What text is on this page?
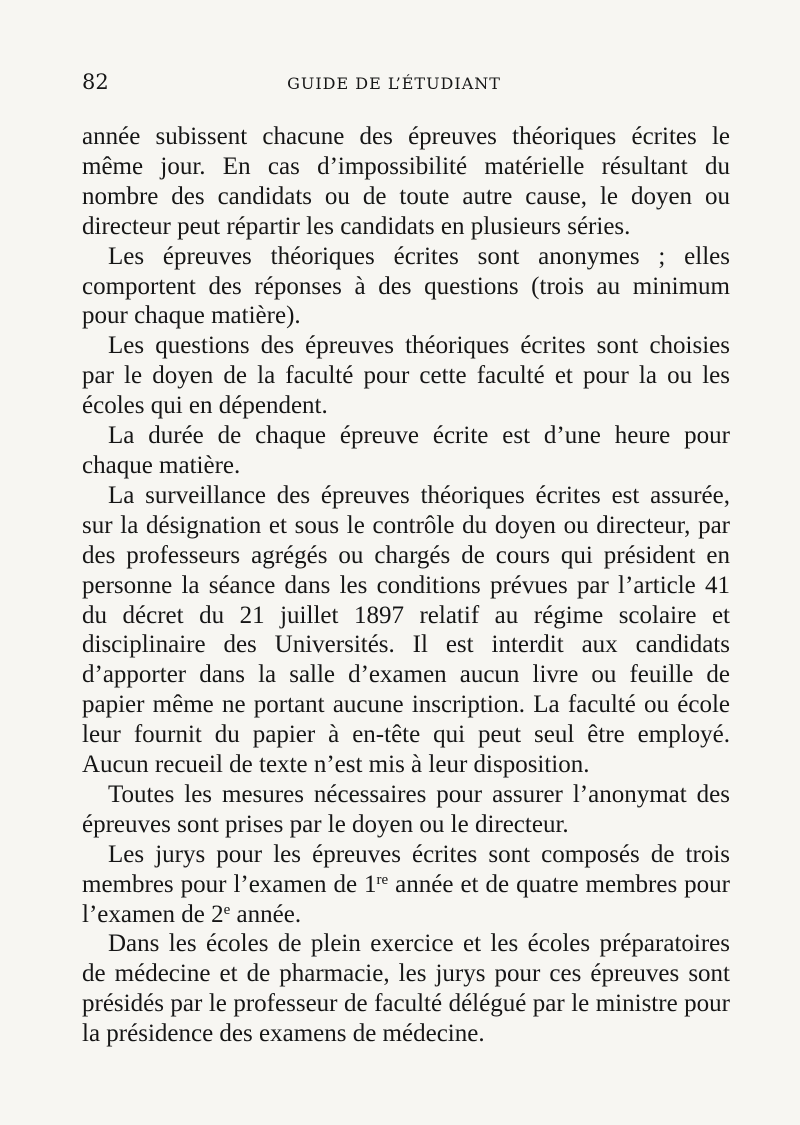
82	GUIDE DE L’ÉTUDIANT

année subissent chacune des épreuves théoriques écrites le même jour. En cas d’impossibilité matérielle résultant du nombre des candidats ou de toute autre cause, le doyen ou directeur peut répartir les candidats en plusieurs séries.

Les épreuves théoriques écrites sont anonymes ; elles comportent des réponses à des questions (trois au minimum pour chaque matière).

Les questions des épreuves théoriques écrites sont choisies par le doyen de la faculté pour cette faculté et pour la ou les écoles qui en dépendent.

La durée de chaque épreuve écrite est d’une heure pour chaque matière.

La surveillance des épreuves théoriques écrites est assurée, sur la désignation et sous le contrôle du doyen ou directeur, par des professeurs agrégés ou chargés de cours qui président en personne la séance dans les conditions prévues par l’article 41 du décret du 21 juillet 1897 relatif au régime scolaire et disciplinaire des Universités. Il est interdit aux candidats d’apporter dans la salle d’examen aucun livre ou feuille de papier même ne portant aucune inscription. La faculté ou école leur fournit du papier à en-tête qui peut seul être employé. Aucun recueil de texte n’est mis à leur disposition.

Toutes les mesures nécessaires pour assurer l’anonymat des épreuves sont prises par le doyen ou le directeur.

Les jurys pour les épreuves écrites sont composés de trois membres pour l’examen de 1re année et de quatre membres pour l’examen de 2e année.

Dans les écoles de plein exercice et les écoles préparatoires de médecine et de pharmacie, les jurys pour ces épreuves sont présidés par le professeur de faculté délégué par le ministre pour la présidence des examens de médecine.
